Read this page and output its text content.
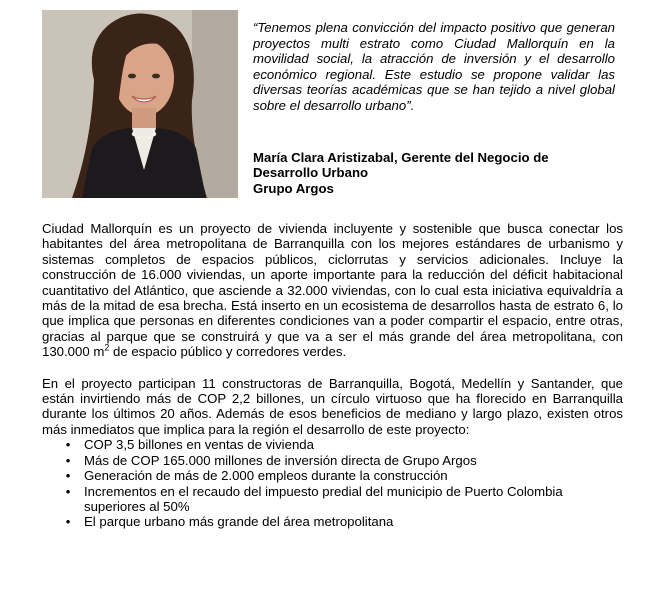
“Tenemos plena convicción del impacto positivo que generan proyectos multi estrato como Ciudad Mallorquín en la movilidad social, la atracción de inversión y el desarrollo económico regional. Este estudio se propone validar las diversas teorías académicas que se han tejido a nivel global sobre el desarrollo urbano”.

María Clara Aristizabal, Gerente del Negocio de
Desarrollo Urbano
Grupo Argos

Ciudad Mallorquín es un proyecto de vivienda incluyente y sostenible que busca conectar los habitantes del área metropolitana de Barranquilla con los mejores estándares de urbanismo y sistemas completos de espacios públicos, ciclorrutas y servicios adicionales. Incluye la construcción de 16.000 viviendas, un aporte importante para la reducción del déficit habitacional cuantitativo del Atlántico, que asciende a 32.000 viviendas, con lo cual esta iniciativa equivaldría a más de la mitad de esa brecha. Está inserto en un ecosistema de desarrollos hasta de estrato 6, lo que implica que personas en diferentes condiciones van a poder compartir el espacio, entre otras, gracias al parque que se construirá y que va a ser el más grande del área metropolitana, con 130.000 $m^2$ de espacio público y corredores verdes.

En el proyecto participan 11 constructoras de Barranquilla, Bogotá, Medellín y Santander, que están invirtiendo más de COP 2,2 billones, un círculo virtuoso que ha florecido en Barranquilla durante los últimos 20 años. Además de esos beneficios de mediano y largo plazo, existen otros más inmediatos que implica para la región el desarrollo de este proyecto:

• COP 3,5 billones en ventas de vivienda
• Más de COP 165.000 millones de inversión directa de Grupo Argos
• Generación de más de 2.000 empleos durante la construcción
• Incrementos en el recaudo del impuesto predial del municipio de Puerto Colombia superiores al 50%
• El parque urbano más grande del área metropolitana
